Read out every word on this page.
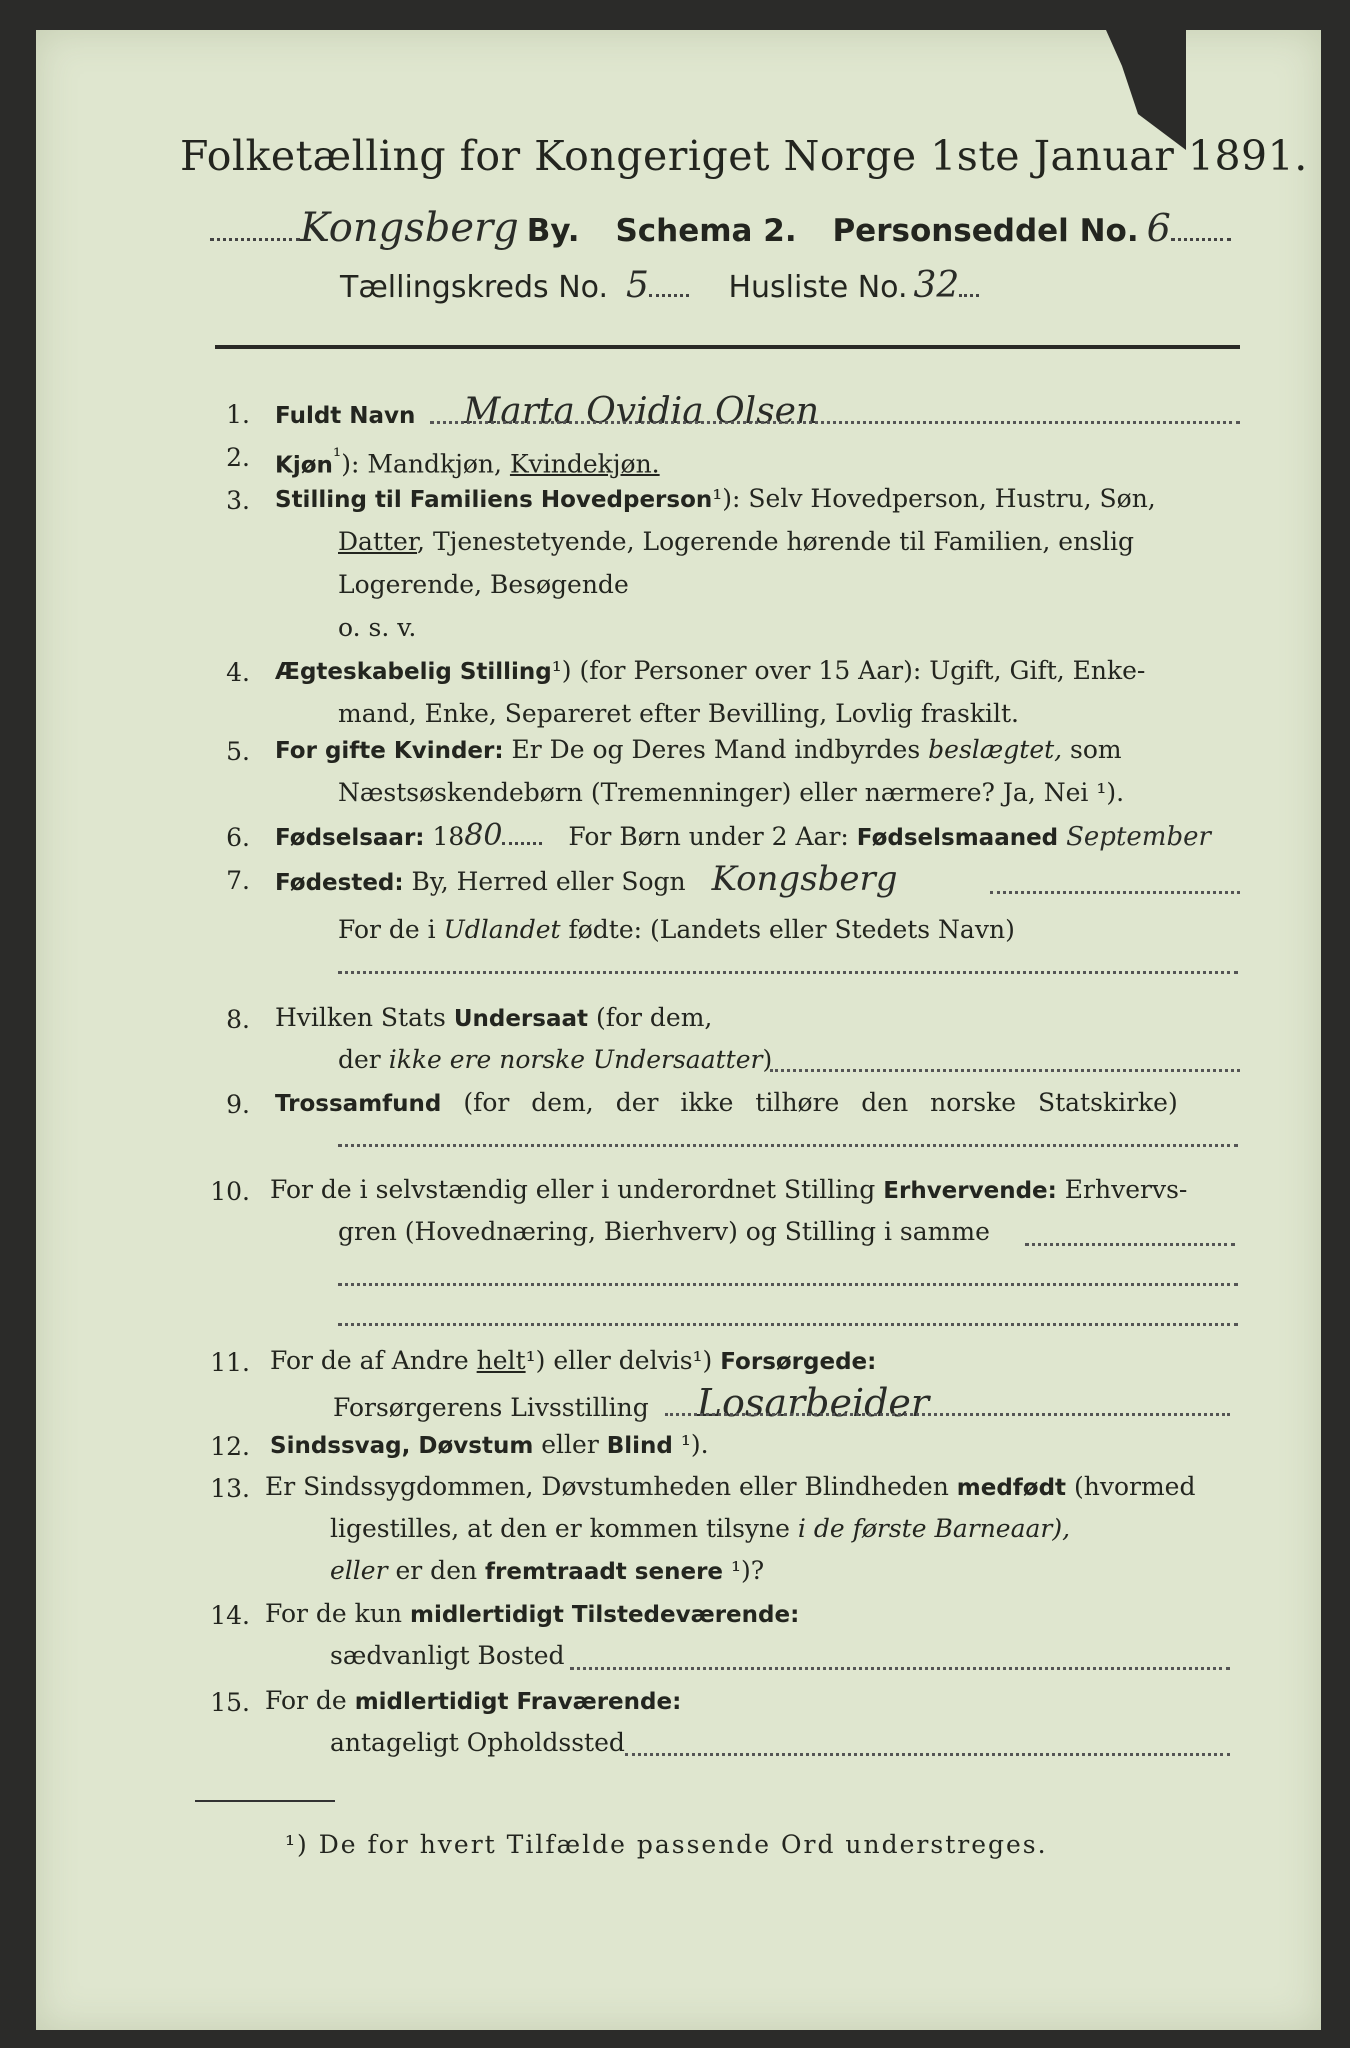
Folketælling for Kongeriget Norge 1ste Januar 1891.
Kongsberg By. Schema 2. Personseddel No. 6
Tællingskreds No. 5	Husliste No. 32
1. Fuldt Navn Marta Ovidia Olsen
2. Kjøn$^{^1}$): Mandkjøn, Kvindekjøn.
3. Stilling til Familiens Hovedperson¹): Selv Hovedperson, Hustru, Søn,
Datter, Tjenestetyende, Logerende hørende til Familien, enslig
Logerende, Besøgende
o. s. v.
4. Ægteskabelig Stilling¹) (for Personer over 15 Aar): Ugift, Gift, Enke-
mand, Enke, Separeret efter Bevilling, Lovlig fraskilt.
5. For gifte Kvinder: Er De og Deres Mand indbyrdes beslægtet, som
Næstsøskendebørn (Tremenninger) eller nærmere? Ja, Nei ¹).
6. Fødselsaar: 1880	For Børn under 2 Aar: Fødselsmaaned September
7. Fødested: By, Herred eller Sogn Kongsberg
For de i Udlandet fødte: (Landets eller Stedets Navn)
8. Hvilken Stats Undersaat (for dem,
der ikke ere norske Undersaatter)
9. Trossamfund (for dem, der ikke tilhøre den norske Statskirke)
10. For de i selvstændig eller i underordnet Stilling Erhvervende: Erhvervs-
gren (Hovednæring, Bierhverv) og Stilling i samme
11. For de af Andre helt¹) eller delvis¹) Forsørgede:
Forsørgerens Livsstilling Losarbeider
12. Sindssvag, Døvstum eller Blind ¹).
13. Er Sindssygdommen, Døvstumheden eller Blindheden medfødt (hvormed
ligestilles, at den er kommen tilsyne i de første Barneaar),
eller er den fremtraadt senere ¹)?
14. For de kun midlertidigt Tilstedeværende:
sædvanligt Bosted
15. For de midlertidigt Fraværende:
antageligt Opholdssted
¹) De for hvert Tilfælde passende Ord understreges.
